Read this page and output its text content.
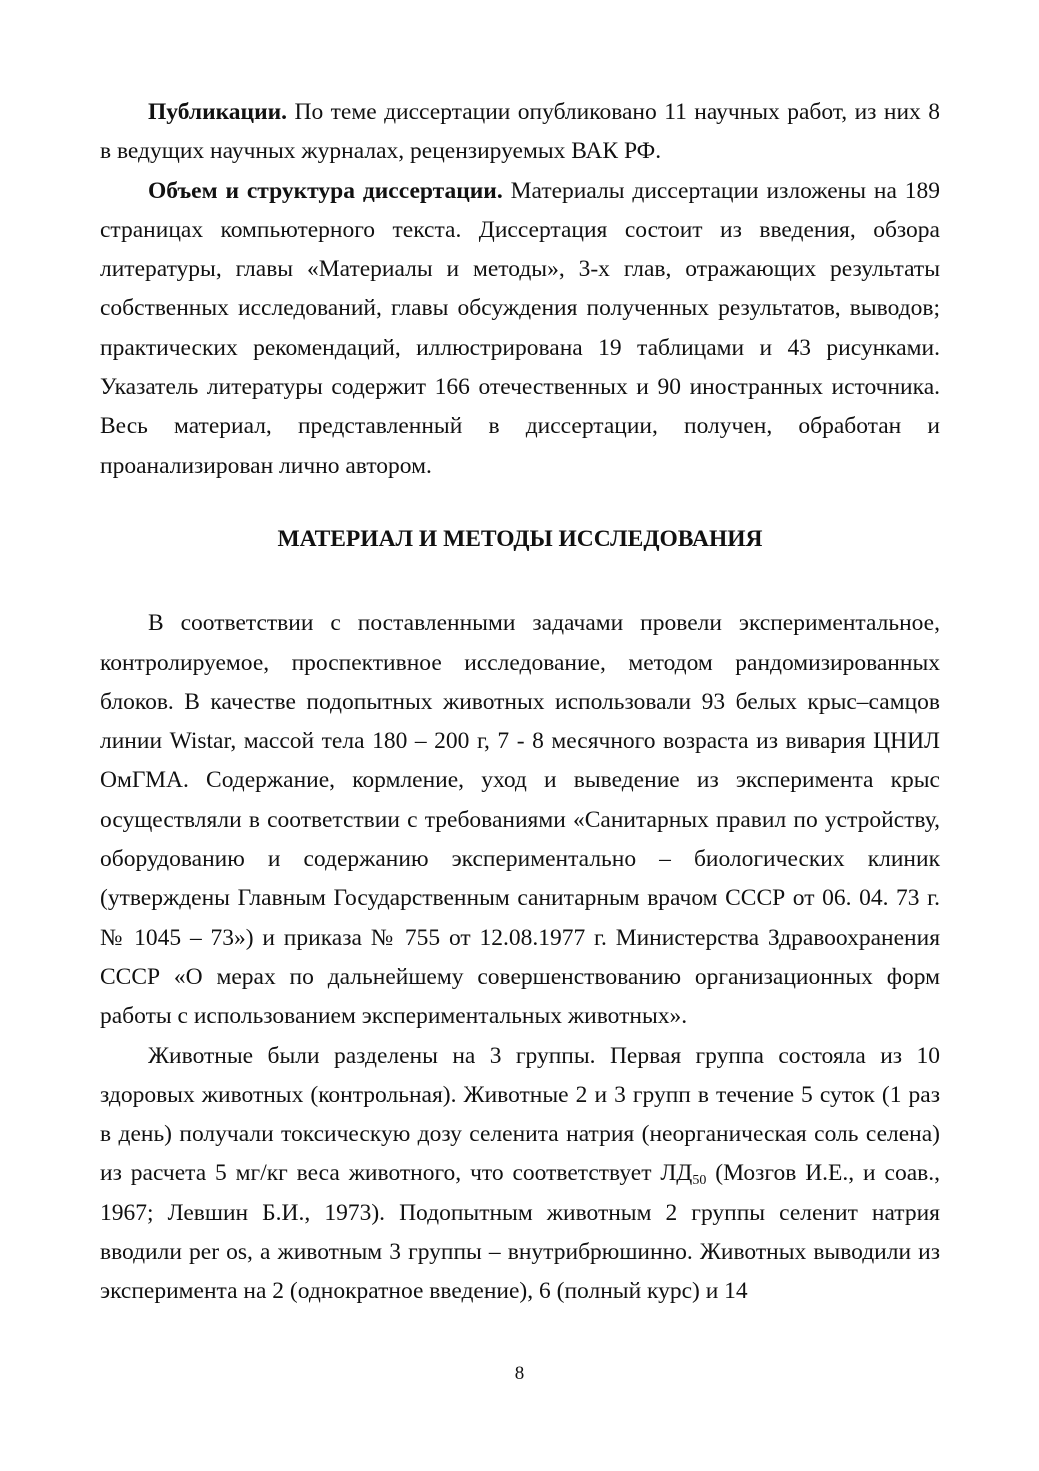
Публикации. По теме диссертации опубликовано 11 научных работ, из них 8 в ведущих научных журналах, рецензируемых ВАК РФ.

Объем и структура диссертации. Материалы диссертации изложены на 189 страницах компьютерного текста. Диссертация состоит из введения, обзора литературы, главы «Материалы и методы», 3-х глав, отражающих результаты собственных исследований, главы обсуждения полученных результатов, выводов; практических рекомендаций, иллюстрирована 19 таблицами и 43 рисунками. Указатель литературы содержит 166 отечественных и 90 иностранных источника. Весь материал, представленный в диссертации, получен, обработан и проанализирован лично автором.

МАТЕРИАЛ И МЕТОДЫ ИССЛЕДОВАНИЯ

В соответствии с поставленными задачами провели экспериментальное, контролируемое, проспективное исследование, методом рандомизированных блоков. В качестве подопытных животных использовали 93 белых крыс–самцов линии Wistar, массой тела 180 – 200 г, 7 - 8 месячного возраста из вивария ЦНИЛ ОмГМА. Содержание, кормление, уход и выведение из эксперимента крыс осуществляли в соответствии с требованиями «Санитарных правил по устройству, оборудованию и содержанию экспериментально – биологических клиник (утверждены Главным Государственным санитарным врачом СССР от 06. 04. 73 г. № 1045 – 73») и приказа № 755 от 12.08.1977 г. Министерства Здравоохранения СССР «О мерах по дальнейшему совершенствованию организационных форм работы с использованием экспериментальных животных».

Животные были разделены на 3 группы. Первая группа состояла из 10 здоровых животных (контрольная). Животные 2 и 3 групп в течение 5 суток (1 раз в день) получали токсическую дозу селенита натрия (неорганическая соль селена) из расчета 5 мг/кг веса животного, что соответствует $ЛД_{50}$ (Мозгов И.Е., и соав., 1967; Левшин Б.И., 1973). Подопытным животным 2 группы селенит натрия вводили per os, а животным 3 группы – внутрибрюшинно. Животных выводили из эксперимента на 2 (однократное введение), 6 (полный курс) и 14

8
